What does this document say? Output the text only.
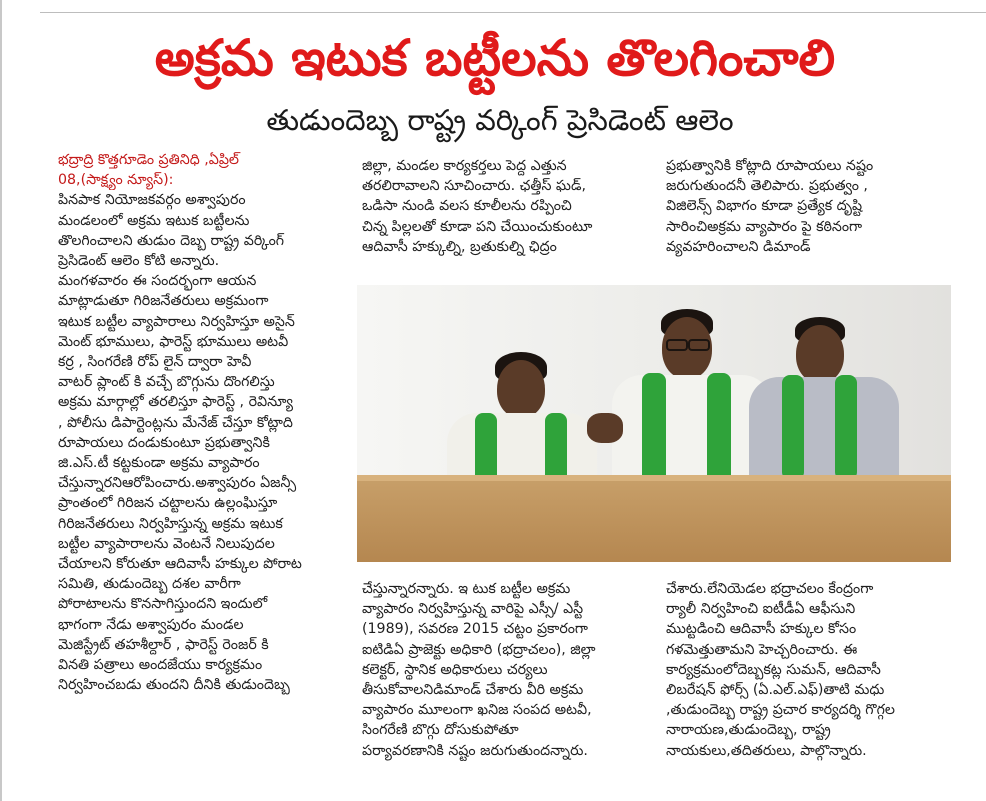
అక్రమ ఇటుక బట్టీలను తొలగించాలి
తుడుందెబ్బ రాష్ట్ర వర్కింగ్ ప్రెసిడెంట్ ఆలెం
భద్రాద్రి కొత్తగూడెం ప్రతినిధి ,ఏప్రిల్
08,(సాక్ష్యం న్యూస్):
పినపాక నియోజకవర్గం అశ్వాపురం
మండలంలో అక్రమ ఇటుక బట్టీలను
తొలగించాలని తుడుం దెబ్బ రాష్ట్ర వర్కింగ్
ప్రెసిడెంట్ ఆలెం కోటి అన్నారు.
మంగళవారం ఈ సందర్భంగా ఆయన
మాట్లాడుతూ గిరిజనేతరులు అక్రమంగా
ఇటుక బట్టీల వ్యాపారాలు నిర్వహిస్తూ అసైన్
మెంట్ భూములు, ఫారెస్ట్ భూములు అటవీ
కర్ర , సింగరేణి రోప్ లైన్ ద్వారా హెవీ
వాటర్ ప్లాంట్ కి వచ్చే బొగ్గును దొంగలిస్తు
అక్రమ మార్గాల్లో తరలిస్తూ ఫారెస్ట్ , రెవిన్యూ
, పోలీసు డిపార్టెంట్లను మేనేజ్ చేస్తూ కోట్లాది
రూపాయలు దండుకుంటూ ప్రభుత్వానికి
జి.ఎస్.టీ కట్టకుండా అక్రమ వ్యాపారం
చేస్తున్నారనిఆరోపించారు.అశ్వాపురం ఏజన్సీ
ప్రాంతంలో గిరిజన చట్టాలను ఉల్లంఘిస్తూ
గిరిజనేతరులు నిర్వహిస్తున్న అక్రమ ఇటుక
బట్టీల వ్యాపారాలను వెంటనే నిలుపుదల
చేయాలని కోరుతూ ఆదివాసీ హక్కుల పోరాట
సమితి, తుడుందెబ్బ దశల వారీగా
పోరాటాలను కొనసాగిస్తుందని ఇందులో
భాగంగా నేడు అశ్వాపురం మండల
మెజిస్ట్రేట్ తహశీల్దార్ , ఫారెస్ట్ రెంజర్ కి
వినతి పత్రాలు అందజేయు కార్యక్రమం
నిర్వహించబడు తుందని దీనికి తుడుందెబ్బ
జిల్లా, మండల కార్యకర్తలు పెద్ద ఎత్తున
తరలిరావాలని సూచించారు. ఛత్తీస్ ఘడ్,
ఒడిసా నుండి వలస కూలీలను రప్పించి
చిన్న పిల్లలతో కూడా పని చేయించుకుంటూ
ఆదివాసీ హక్కుల్ని, బ్రతుకుల్ని ఛిద్రం
ప్రభుత్వానికి కోట్లాది రూపాయలు నష్టం
జరుగుతుందనీ తెలిపారు. ప్రభుత్వం ,
విజిలెన్స్ విభాగం కూడా ప్రత్యేక దృష్టి
సారించిఅక్రమ వ్యాపారం పై కఠినంగా
వ్యవహరించాలని డిమాండ్
చేస్తున్నారన్నారు. ఇ టుక బట్టీల అక్రమ
వ్యాపారం నిర్వహిస్తున్న వారిపై ఎస్సీ/ ఎస్టీ
(1989), సవరణ 2015 చట్టం ప్రకారంగా
ఐటిడిఏ ప్రాజెక్టు అధికారి (భద్రాచలం), జిల్లా
కలెక్టర్, స్థానిక అధికారులు చర్యలు
తీసుకోవాలనిడిమాండ్ చేశారు వీరి అక్రమ
వ్యాపారం మూలంగా ఖనిజ సంపద అటవీ,
సింగరేణి బొగ్గు దోసుకుపోతూ
పర్యావరణానికి నష్టం జరుగుతుందన్నారు.
చేశారు.లేనియెడల భద్రాచలం కేంద్రంగా
ర్యాలీ నిర్వహించి ఐటీడీఏ ఆఫీసుని
ముట్టడించి ఆదివాసీ హక్కుల కోసం
గళమెత్తుతామని హెచ్చరించారు. ఈ
కార్యక్రమంలోదెబ్బకట్ల సుమన్, ఆదివాసీ
లిబరేషన్ ఫోర్స్ (ఏ.ఎల్.ఎఫ్)తాటి మధు
,తుడుందెబ్బ రాష్ట్ర ప్రచార కార్యదర్శి గొగ్గల
నారాయణ,తుడుందెబ్బ, రాష్ట్ర
నాయకులు,తదితరులు, పాల్గొన్నారు.
